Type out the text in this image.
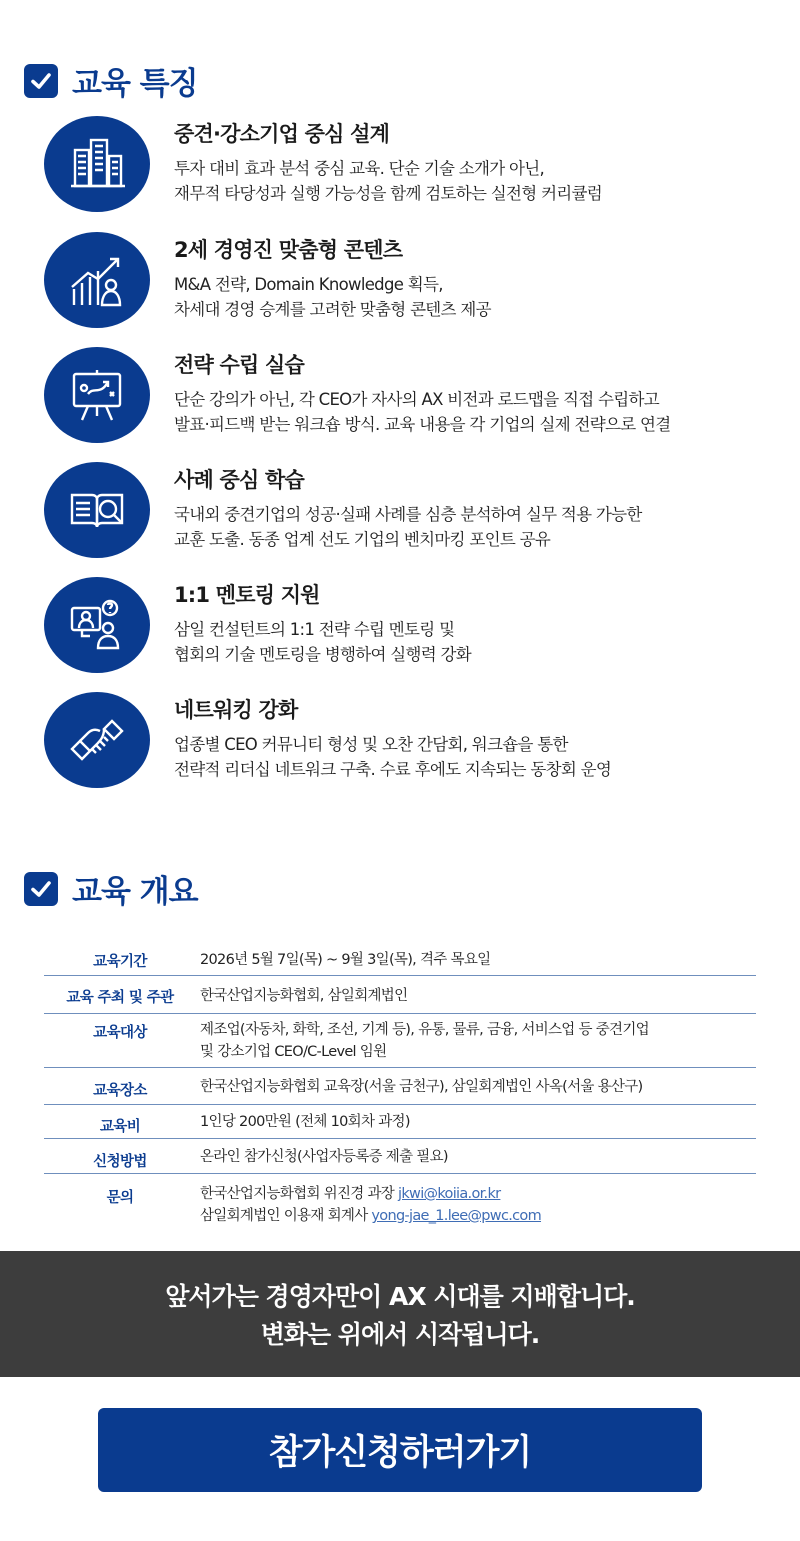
교육 특징
중견·강소기업 중심 설계
투자 대비 효과 분석 중심 교육. 단순 기술 소개가 아닌,
재무적 타당성과 실행 가능성을 함께 검토하는 실전형 커리큘럼
2세 경영진 맞춤형 콘텐츠
M&A 전략, Domain Knowledge 획득,
차세대 경영 승계를 고려한 맞춤형 콘텐츠 제공
전략 수립 실습
단순 강의가 아닌, 각 CEO가 자사의 AX 비전과 로드맵을 직접 수립하고
발표·피드백 받는 워크숍 방식. 교육 내용을 각 기업의 실제 전략으로 연결
사례 중심 학습
국내외 중견기업의 성공·실패 사례를 심층 분석하여 실무 적용 가능한
교훈 도출. 동종 업계 선도 기업의 벤치마킹 포인트 공유
1:1 멘토링 지원
삼일 컨설턴트의 1:1 전략 수립 멘토링 및
협회의 기술 멘토링을 병행하여 실행력 강화
네트워킹 강화
업종별 CEO 커뮤니티 형성 및 오찬 간담회, 워크숍을 통한
전략적 리더십 네트워크 구축. 수료 후에도 지속되는 동창회 운영
교육 개요
교육기간	2026년 5월 7일(목) ~ 9월 3일(목), 격주 목요일
교육 주최 및 주관	한국산업지능화협회, 삼일회계법인
교육대상	제조업(자동차, 화학, 조선, 기계 등), 유통, 물류, 금융, 서비스업 등 중견기업
및 강소기업 CEO/C-Level 임원
교육장소	한국산업지능화협회 교육장(서울 금천구), 삼일회계법인 사옥(서울 용산구)
교육비	1인당 200만원 (전체 10회차 과정)
신청방법	온라인 참가신청(사업자등록증 제출 필요)
문의	한국산업지능화협회 위진경 과장 jkwi@koiia.or.kr
삼일회계법인 이용재 회계사 yong-jae_1.lee@pwc.com
앞서가는 경영자만이 AX 시대를 지배합니다.
변화는 위에서 시작됩니다.
참가신청하러가기
